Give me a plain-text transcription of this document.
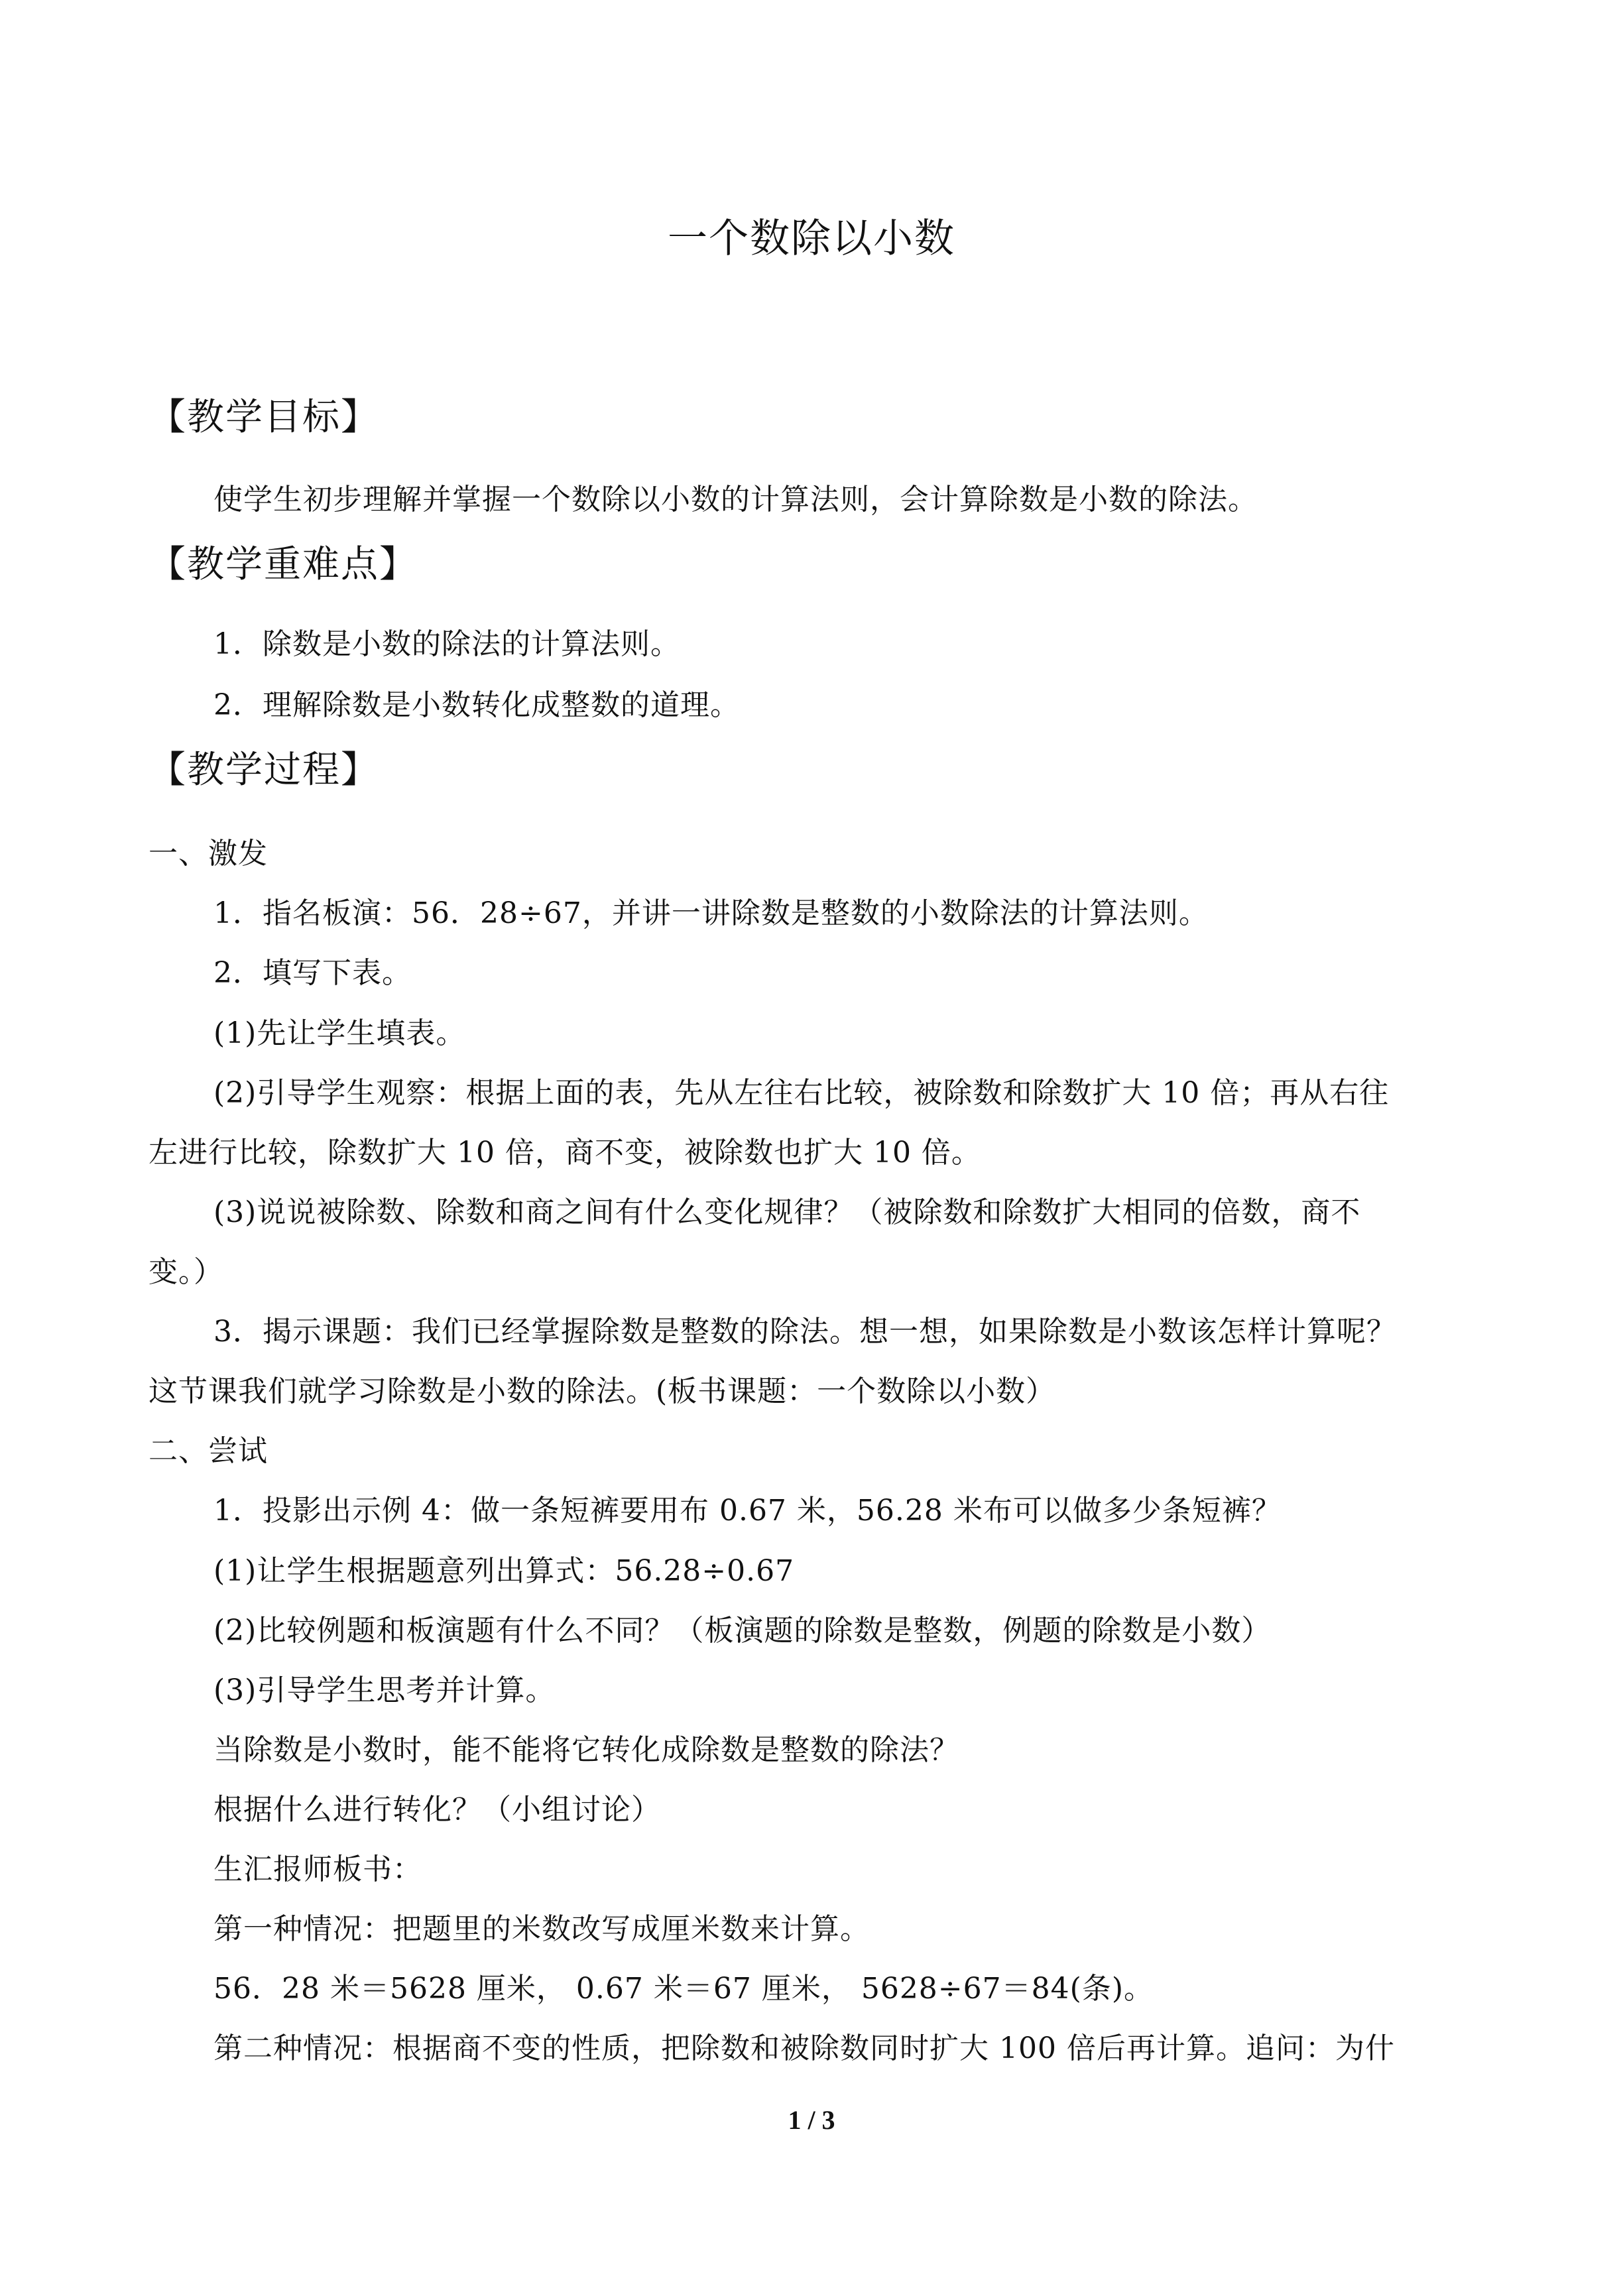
一个数除以小数
【教学目标】
使学生初步理解并掌握一个数除以小数的计算法则，会计算除数是小数的除法。
【教学重难点】
1．除数是小数的除法的计算法则。
2．理解除数是小数转化成整数的道理。
【教学过程】
一、激发
1．指名板演：56．28÷67，并讲一讲除数是整数的小数除法的计算法则。
2．填写下表。
(1)先让学生填表。
(2)引导学生观察：根据上面的表，先从左往右比较，被除数和除数扩大 10 倍；再从右往
左进行比较，除数扩大 10 倍，商不变，被除数也扩大 10 倍。
(3)说说被除数、除数和商之间有什么变化规律？（被除数和除数扩大相同的倍数，商不
变。）
3．揭示课题：我们已经掌握除数是整数的除法。想一想，如果除数是小数该怎样计算呢？
这节课我们就学习除数是小数的除法。(板书课题：一个数除以小数）
二、尝试
1．投影出示例 4：做一条短裤要用布 0.67 米，56.28 米布可以做多少条短裤？
(1)让学生根据题意列出算式：56.28÷0.67
(2)比较例题和板演题有什么不同？（板演题的除数是整数，例题的除数是小数）
(3)引导学生思考并计算。
当除数是小数时，能不能将它转化成除数是整数的除法？
根据什么进行转化？（小组讨论）
生汇报师板书：
第一种情况：把题里的米数改写成厘米数来计算。
56．28 米＝5628 厘米， 0.67 米＝67 厘米， 5628÷67＝84(条)。
第二种情况：根据商不变的性质，把除数和被除数同时扩大 100 倍后再计算。追问：为什
1 / 3
